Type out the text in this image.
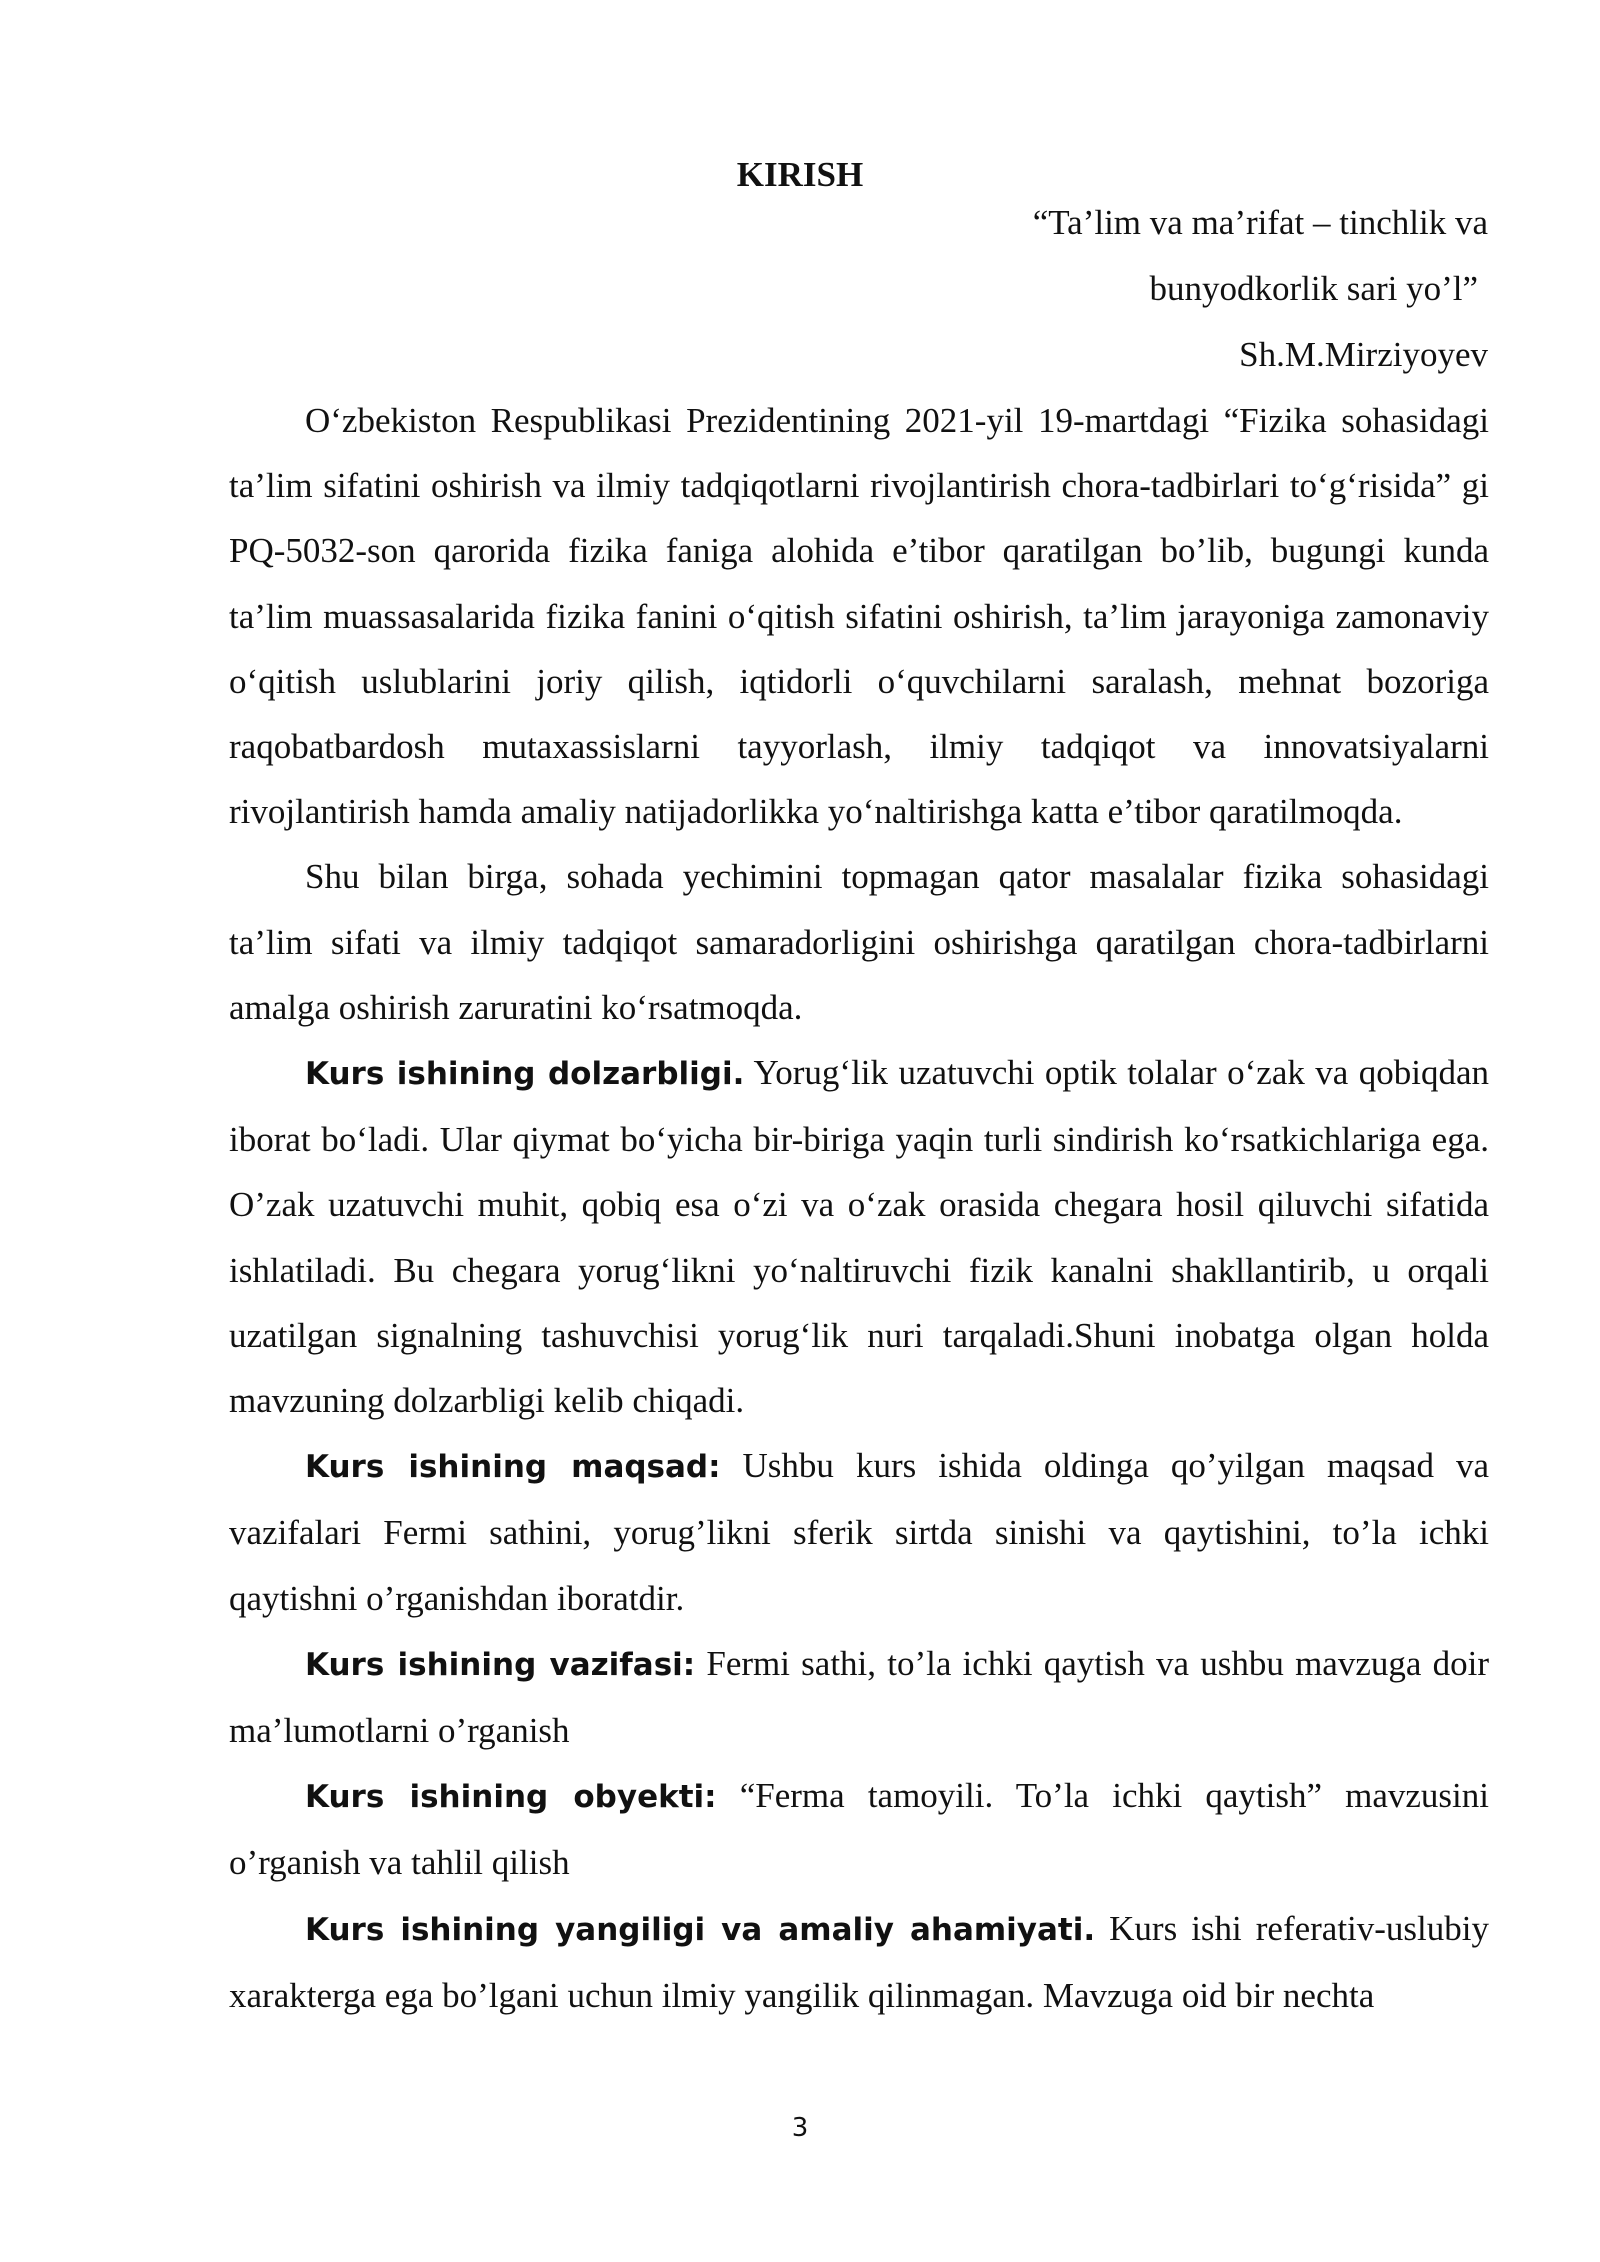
KIRISH
“Ta’lim va ma’rifat – tinchlik va
bunyodkorlik sari yo’l”
Sh.M.Mirziyoyev

O‘zbekiston Respublikasi Prezidentining 2021-yil 19-martdagi “Fizika sohasidagi ta’lim sifatini oshirish va ilmiy tadqiqotlarni rivojlantirish chora-tadbirlari to‘g‘risida” gi PQ-5032-son qarorida fizika faniga alohida e’tibor qaratilgan bo’lib, bugungi kunda ta’lim muassasalarida fizika fanini o‘qitish sifatini oshirish, ta’lim jarayoniga zamonaviy o‘qitish uslublarini joriy qilish, iqtidorli o‘quvchilarni saralash, mehnat bozoriga raqobatbardosh mutaxassislarni tayyorlash, ilmiy tadqiqot va innovatsiyalarni rivojlantirish hamda amaliy natijadorlikka yo‘naltirishga katta e’tibor qaratilmoqda.

Shu bilan birga, sohada yechimini topmagan qator masalalar fizika sohasidagi ta’lim sifati va ilmiy tadqiqot samaradorligini oshirishga qaratilgan chora-tadbirlarni amalga oshirish zaruratini ko‘rsatmoqda.

Kurs ishining dolzarbligi. Yorug‘lik uzatuvchi optik tolalar o‘zak va qobiqdan iborat bo‘ladi. Ular qiymat bo‘yicha bir-biriga yaqin turli sindirish ko‘rsatkichlariga ega. O’zak uzatuvchi muhit, qobiq esa o‘zi va o‘zak orasida chegara hosil qiluvchi sifatida ishlatiladi. Bu chegara yorug‘likni yo‘naltiruvchi fizik kanalni shakllantirib, u orqali uzatilgan signalning tashuvchisi yorug‘lik nuri tarqaladi.Shuni inobatga olgan holda mavzuning dolzarbligi kelib chiqadi.

Kurs ishining maqsad: Ushbu kurs ishida oldinga qo’yilgan maqsad va vazifalari Fermi sathini, yorug’likni sferik sirtda sinishi va qaytishini, to’la ichki qaytishni o’rganishdan iboratdir.

Kurs ishining vazifasi: Fermi sathi, to’la ichki qaytish va ushbu mavzuga doir ma’lumotlarni o’rganish

Kurs ishining obyekti: “Ferma tamoyili. To’la ichki qaytish” mavzusini o’rganish va tahlil qilish

Kurs ishining yangiligi va amaliy ahamiyati. Kurs ishi referativ-uslubiy xarakterga ega bo’lgani uchun ilmiy yangilik qilinmagan. Mavzuga oid bir nechta

3
